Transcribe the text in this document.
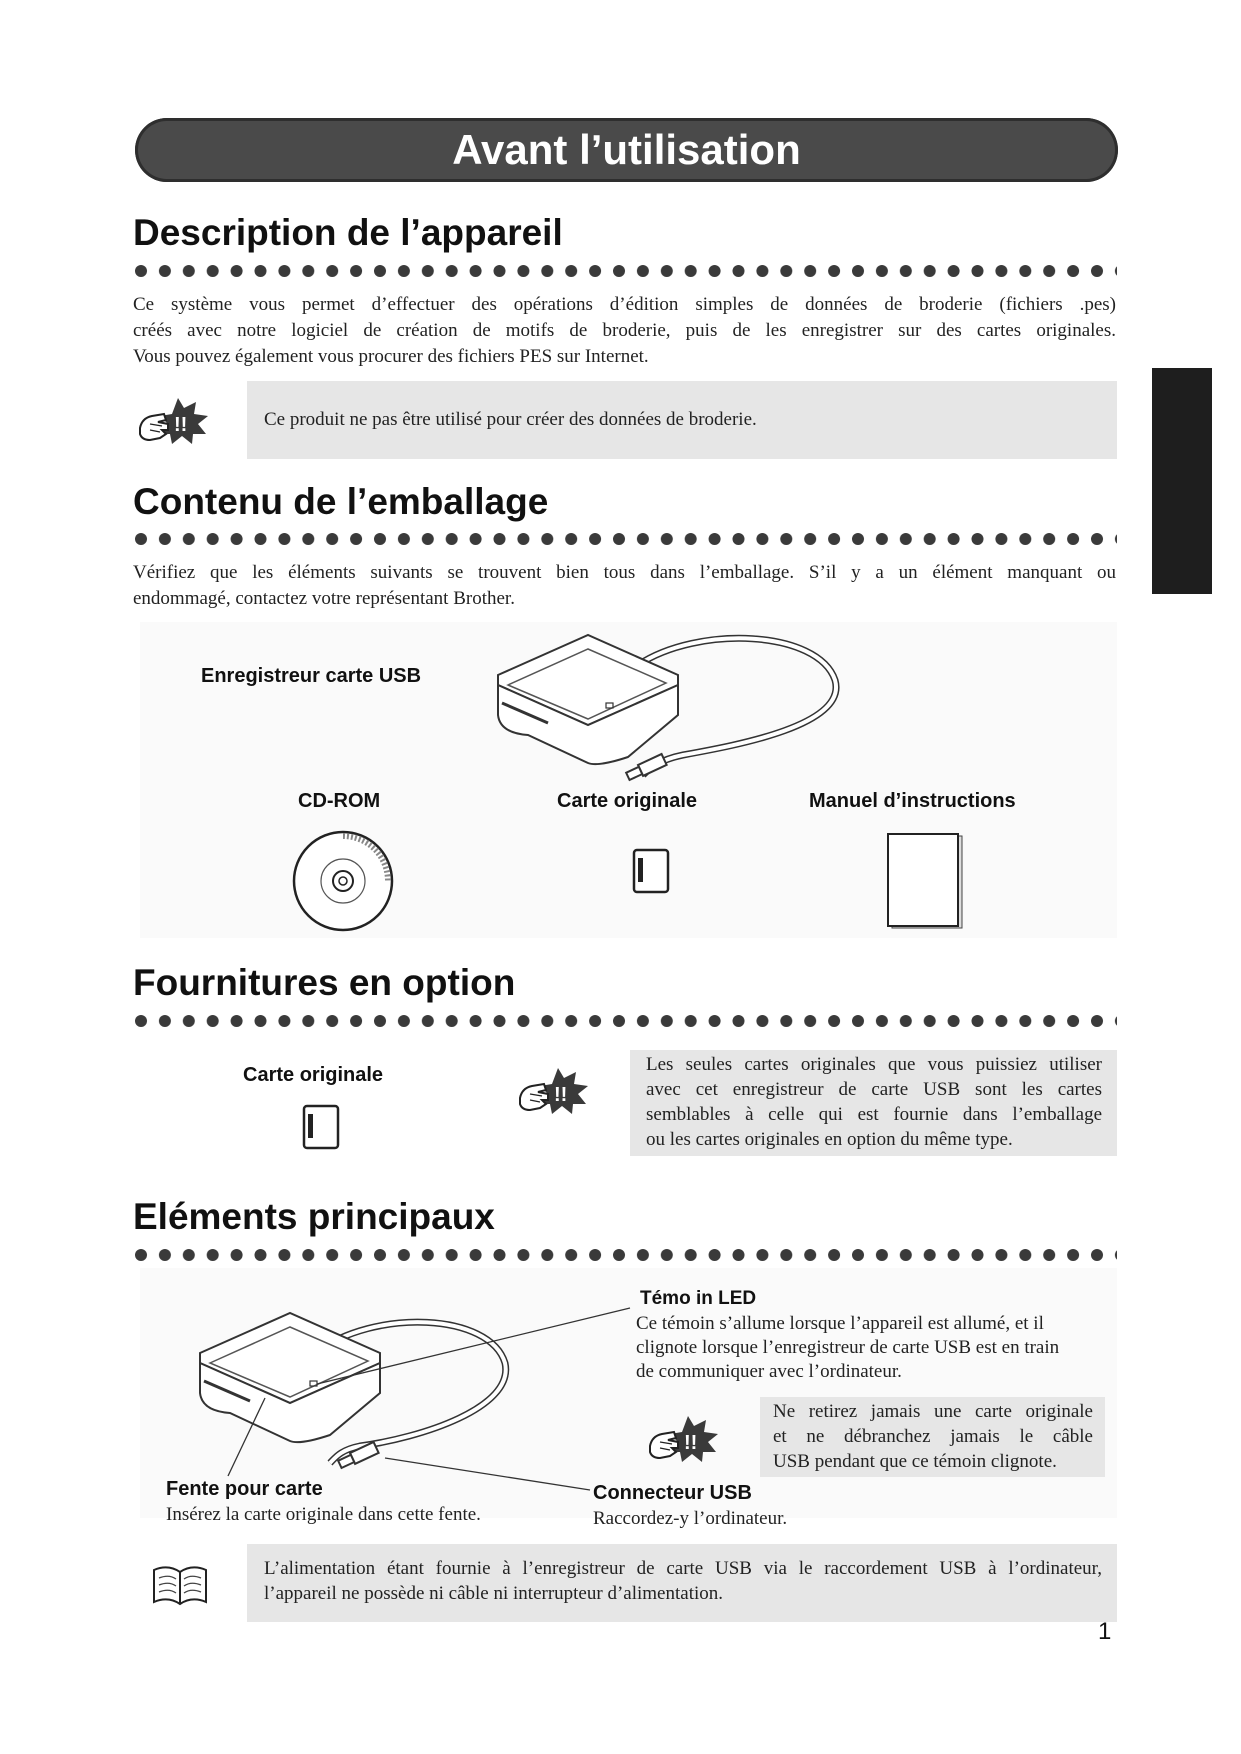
Avant l’utilisation
Description de l’appareil
Ce système vous permet d’effectuer des opérations d’édition simples de données de broderie (fichiers .pes)
créés avec notre logiciel de création de motifs de broderie, puis de les enregistrer sur des cartes originales.
Vous pouvez également vous procurer des fichiers PES sur Internet.
Ce produit ne pas être utilisé pour créer des données de broderie.
Contenu de l’emballage
Vérifiez que les éléments suivants se trouvent bien tous dans l’emballage. S’il y a un élément manquant ou
endommagé, contactez votre représentant Brother.
Enregistreur carte USB
CD-ROM	Carte originale	Manuel d’instructions
Fournitures en option
Carte originale	Les seules cartes originales que vous puissiez utiliser
avec cet enregistreur de carte USB sont les cartes
semblables à celle qui est fournie dans l’emballage
ou les cartes originales en option du même type.
Eléments principaux
Témo in LED
Ce témoin s’allume lorsque l’appareil est allumé, et il
clignote lorsque l’enregistreur de carte USB est en train
de communiquer avec l’ordinateur.
Ne retirez jamais une carte originale
et ne débranchez jamais le câble
USB pendant que ce témoin clignote.
Fente pour carte
Insérez la carte originale dans cette fente.
Connecteur USB
Raccordez-y l’ordinateur.
L’alimentation étant fournie à l’enregistreur de carte USB via le raccordement USB à l’ordinateur,
l’appareil ne possède ni câble ni interrupteur d’alimentation.
1
